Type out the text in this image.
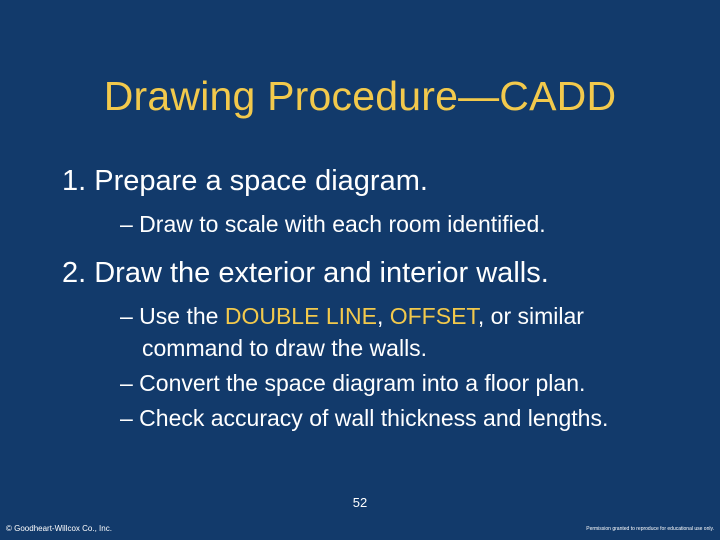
Drawing Procedure—CADD

1. Prepare a space diagram.

– Draw to scale with each room identified.

2. Draw the exterior and interior walls.

– Use the DOUBLE LINE, OFFSET, or similar command to draw the walls.

– Convert the space diagram into a floor plan.

– Check accuracy of wall thickness and lengths.

52
© Goodheart-Willcox Co., Inc.	Permission granted to reproduce for educational use only.
